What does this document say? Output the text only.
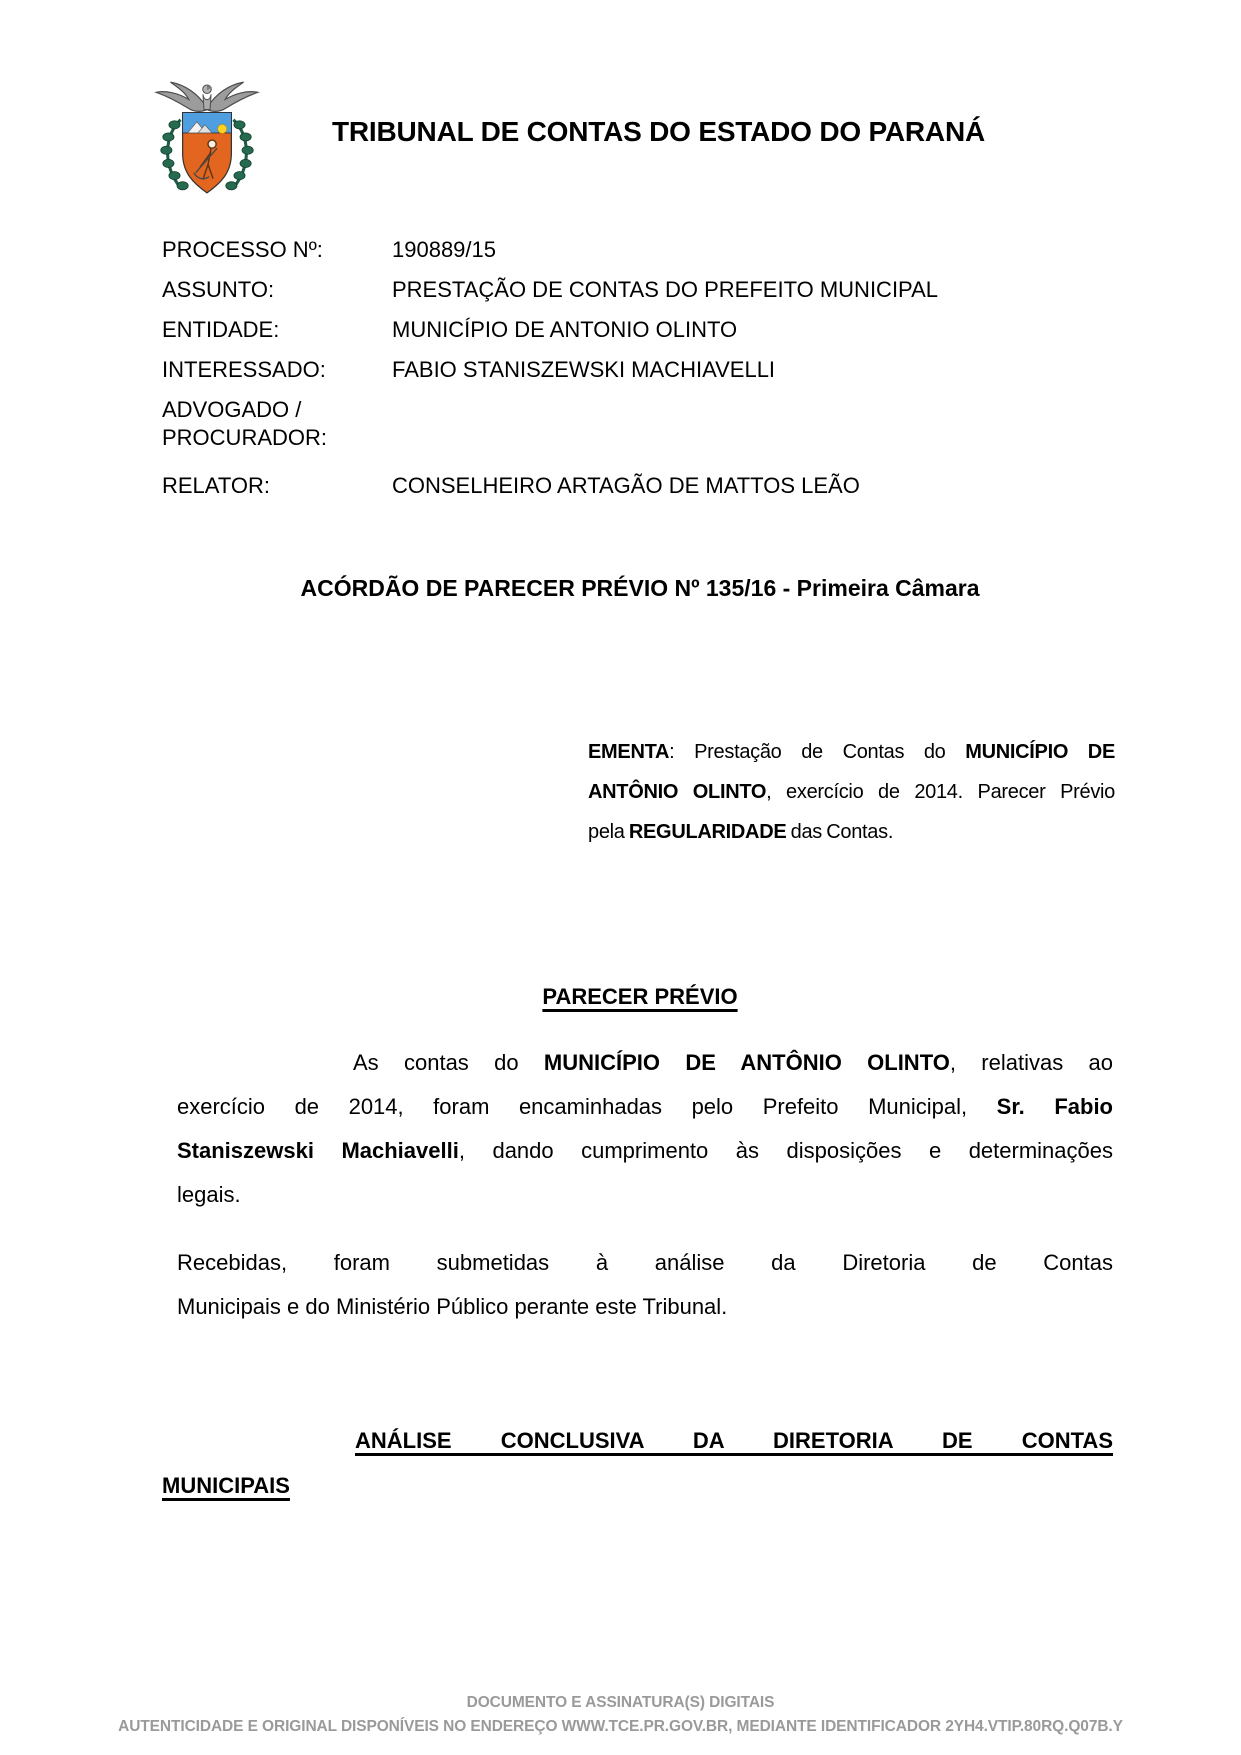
TRIBUNAL DE CONTAS DO ESTADO DO PARANÁ
PROCESSO Nº:	190889/15
ASSUNTO:	PRESTAÇÃO DE CONTAS DO PREFEITO MUNICIPAL
ENTIDADE:	MUNICÍPIO DE ANTONIO OLINTO
INTERESSADO:	FABIO STANISZEWSKI MACHIAVELLI
ADVOGADO / PROCURADOR:
RELATOR:	CONSELHEIRO ARTAGÃO DE MATTOS LEÃO
ACÓRDÃO DE PARECER PRÉVIO Nº 135/16 - Primeira Câmara
EMENTA: Prestação de Contas do MUNICÍPIO DE
ANTÔNIO OLINTO, exercício de 2014. Parecer Prévio
pela REGULARIDADE das Contas.
PARECER PRÉVIO
As contas do MUNICÍPIO DE ANTÔNIO OLINTO, relativas ao
exercício de 2014, foram encaminhadas pelo Prefeito Municipal, Sr. Fabio
Staniszewski Machiavelli, dando cumprimento às disposições e determinações
legais.
Recebidas, foram submetidas à análise da Diretoria de Contas
Municipais e do Ministério Público perante este Tribunal.
ANÁLISE CONCLUSIVA DA DIRETORIA DE CONTAS
MUNICIPAIS
DOCUMENTO E ASSINATURA(S) DIGITAIS
AUTENTICIDADE E ORIGINAL DISPONÍVEIS NO ENDEREÇO WWW.TCE.PR.GOV.BR, MEDIANTE IDENTIFICADOR 2YH4.VTIP.80RQ.Q07B.Y
